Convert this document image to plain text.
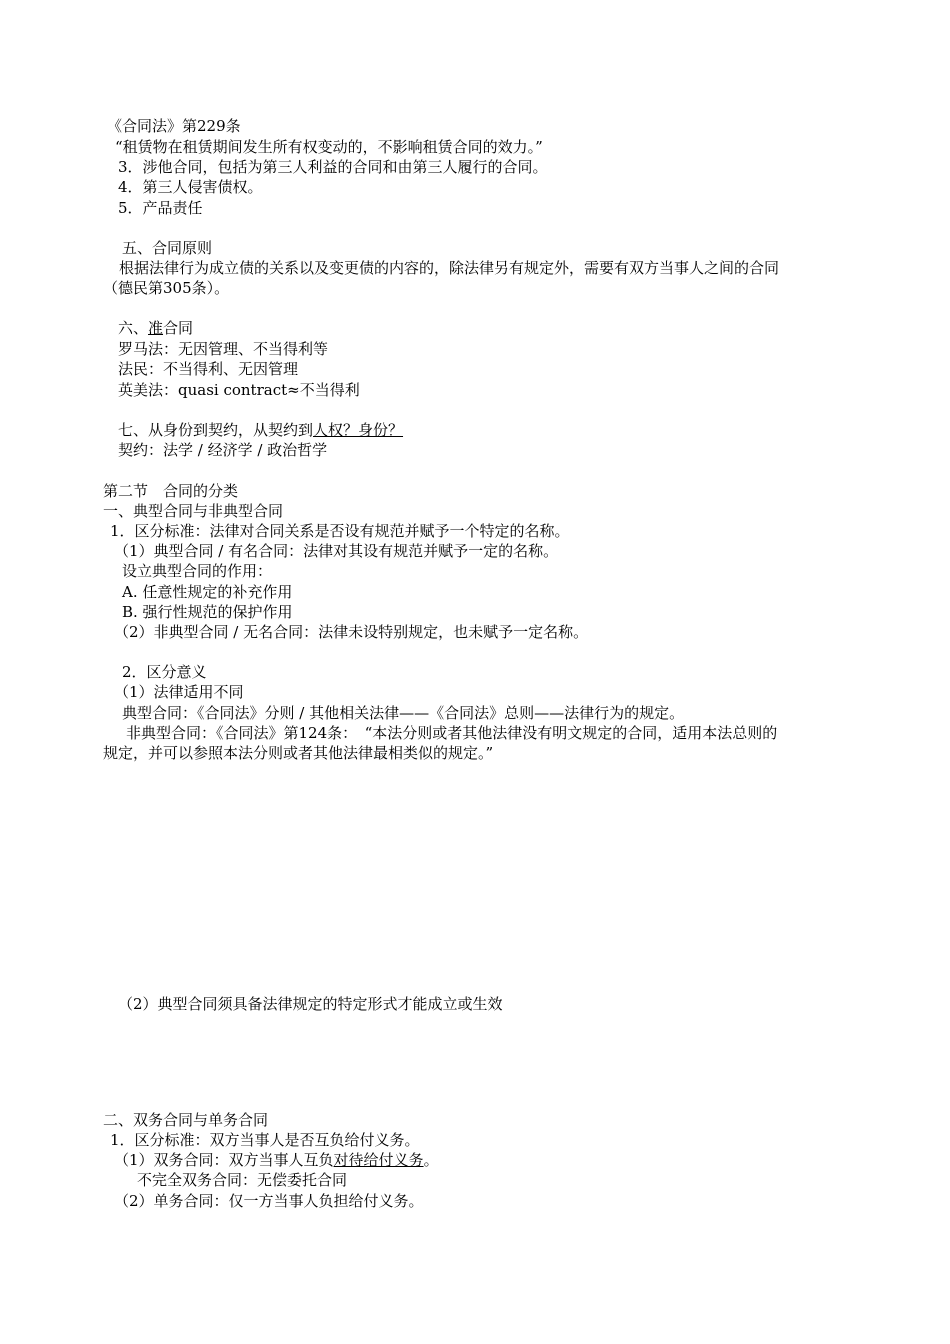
《合同法》第229条
“租赁物在租赁期间发生所有权变动的，不影响租赁合同的效力。”
3．涉他合同，包括为第三人利益的合同和由第三人履行的合同。
4．第三人侵害债权。
5．产品责任
五、合同原则
根据法律行为成立债的关系以及变更债的内容的，除法律另有规定外，需要有双方当事人之间的合同
（德民第305条）。
六、准合同
罗马法：无因管理、不当得利等
法民：不当得利、无因管理
英美法：quasi contract≈不当得利
七、从身份到契约，从契约到人权？身份？
契约：法学 / 经济学 / 政治哲学
第二节　合同的分类
一、典型合同与非典型合同
1．区分标准：法律对合同关系是否设有规范并赋予一个特定的名称。
（1）典型合同 / 有名合同：法律对其设有规范并赋予一定的名称。
设立典型合同的作用：
A. 任意性规定的补充作用
B. 强行性规范的保护作用
（2）非典型合同 / 无名合同：法律未设特别规定，也未赋予一定名称。
2．区分意义
（1）法律适用不同
典型合同：《合同法》分则 / 其他相关法律——《合同法》总则——法律行为的规定。
非典型合同：《合同法》第124条：　“本法分则或者其他法律没有明文规定的合同，适用本法总则的
规定，并可以参照本法分则或者其他法律最相类似的规定。”
（2）典型合同须具备法律规定的特定形式才能成立或生效
二、双务合同与单务合同
1．区分标准：双方当事人是否互负给付义务。
（1）双务合同：双方当事人互负对待给付义务。
不完全双务合同：无偿委托合同
（2）单务合同：仅一方当事人负担给付义务。
